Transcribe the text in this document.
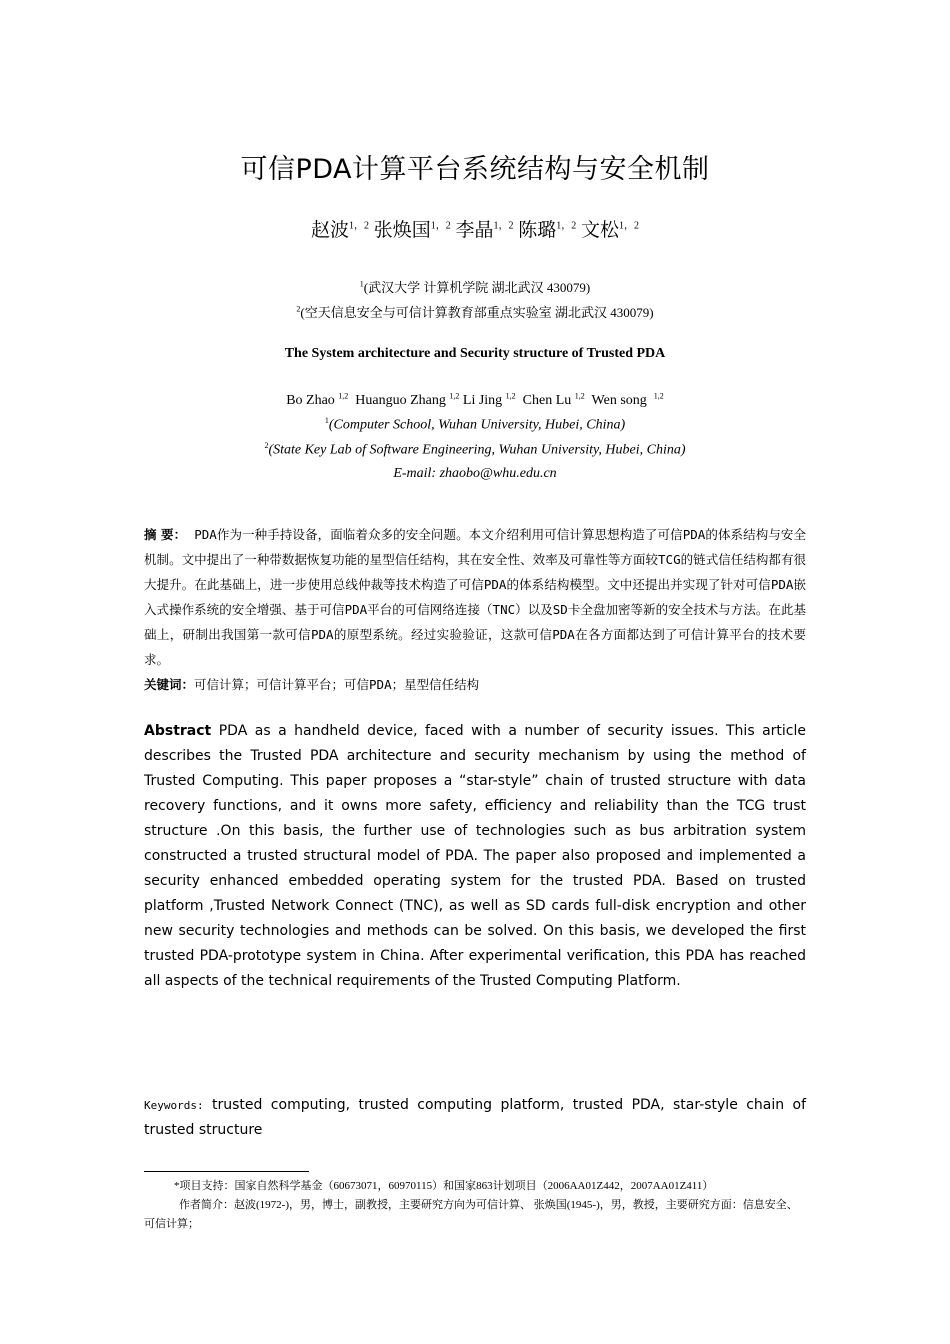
可信PDA计算平台系统结构与安全机制
赵波$^{1,2}$ 张焕国$^{1,2}$ 李晶$^{1,2}$ 陈璐$^{1,2}$ 文松$^{1,2}$
$^1$(武汉大学 计算机学院 湖北武汉 430079)
$^2$(空天信息安全与可信计算教育部重点实验室 湖北武汉 430079)
The System architecture and Security structure of Trusted PDA
Bo Zhao $^{1,2}$ Huanguo Zhang $^{1,2}$ Li Jing $^{1,2}$ Chen Lu $^{1,2}$ Wen song $^{1,2}$
$^1$(Computer School, Wuhan University, Hubei, China)
$^2$(State Key Lab of Software Engineering, Wuhan University, Hubei, China)
E-mail: zhaobo@whu.edu.cn
摘 要： PDA作为一种手持设备，面临着众多的安全问题。本文介绍利用可信计算思想构造了可信PDA的体系结构与安全机制。文中提出了一种带数据恢复功能的星型信任结构，其在安全性、效率及可靠性等方面较TCG的链式信任结构都有很大提升。在此基础上，进一步使用总线仲裁等技术构造了可信PDA的体系结构模型。文中还提出并实现了针对可信PDA嵌入式操作系统的安全增强、基于可信PDA平台的可信网络连接（TNC）以及SD卡全盘加密等新的安全技术与方法。在此基础上，研制出我国第一款可信PDA的原型系统。经过实验验证，这款可信PDA在各方面都达到了可信计算平台的技术要求。
关键词：可信计算；可信计算平台；可信PDA；星型信任结构
Abstract PDA as a handheld device, faced with a number of security issues. This article describes the Trusted PDA architecture and security mechanism by using the method of Trusted Computing. This paper proposes a “star-style” chain of trusted structure with data recovery functions, and it owns more safety, efficiency and reliability than the TCG trust structure .On this basis, the further use of technologies such as bus arbitration system constructed a trusted structural model of PDA. The paper also proposed and implemented a security enhanced embedded operating system for the trusted PDA. Based on trusted platform ,Trusted Network Connect (TNC), as well as SD cards full-disk encryption and other new security technologies and methods can be solved. On this basis, we developed the first trusted PDA-prototype system in China. After experimental verification, this PDA has reached all aspects of the technical requirements of the Trusted Computing Platform.
Keywords: trusted computing, trusted computing platform, trusted PDA, star-style chain of trusted structure
*项目支持：国家自然科学基金（60673071，60970115）和国家863计划项目（2006AA01Z442，2007AA01Z411）
作者简介：赵波(1972-)，男，博士，副教授，主要研究方向为可信计算、 张焕国(1945-)，男，教授，主要研究方面：信息安全、可信计算；
